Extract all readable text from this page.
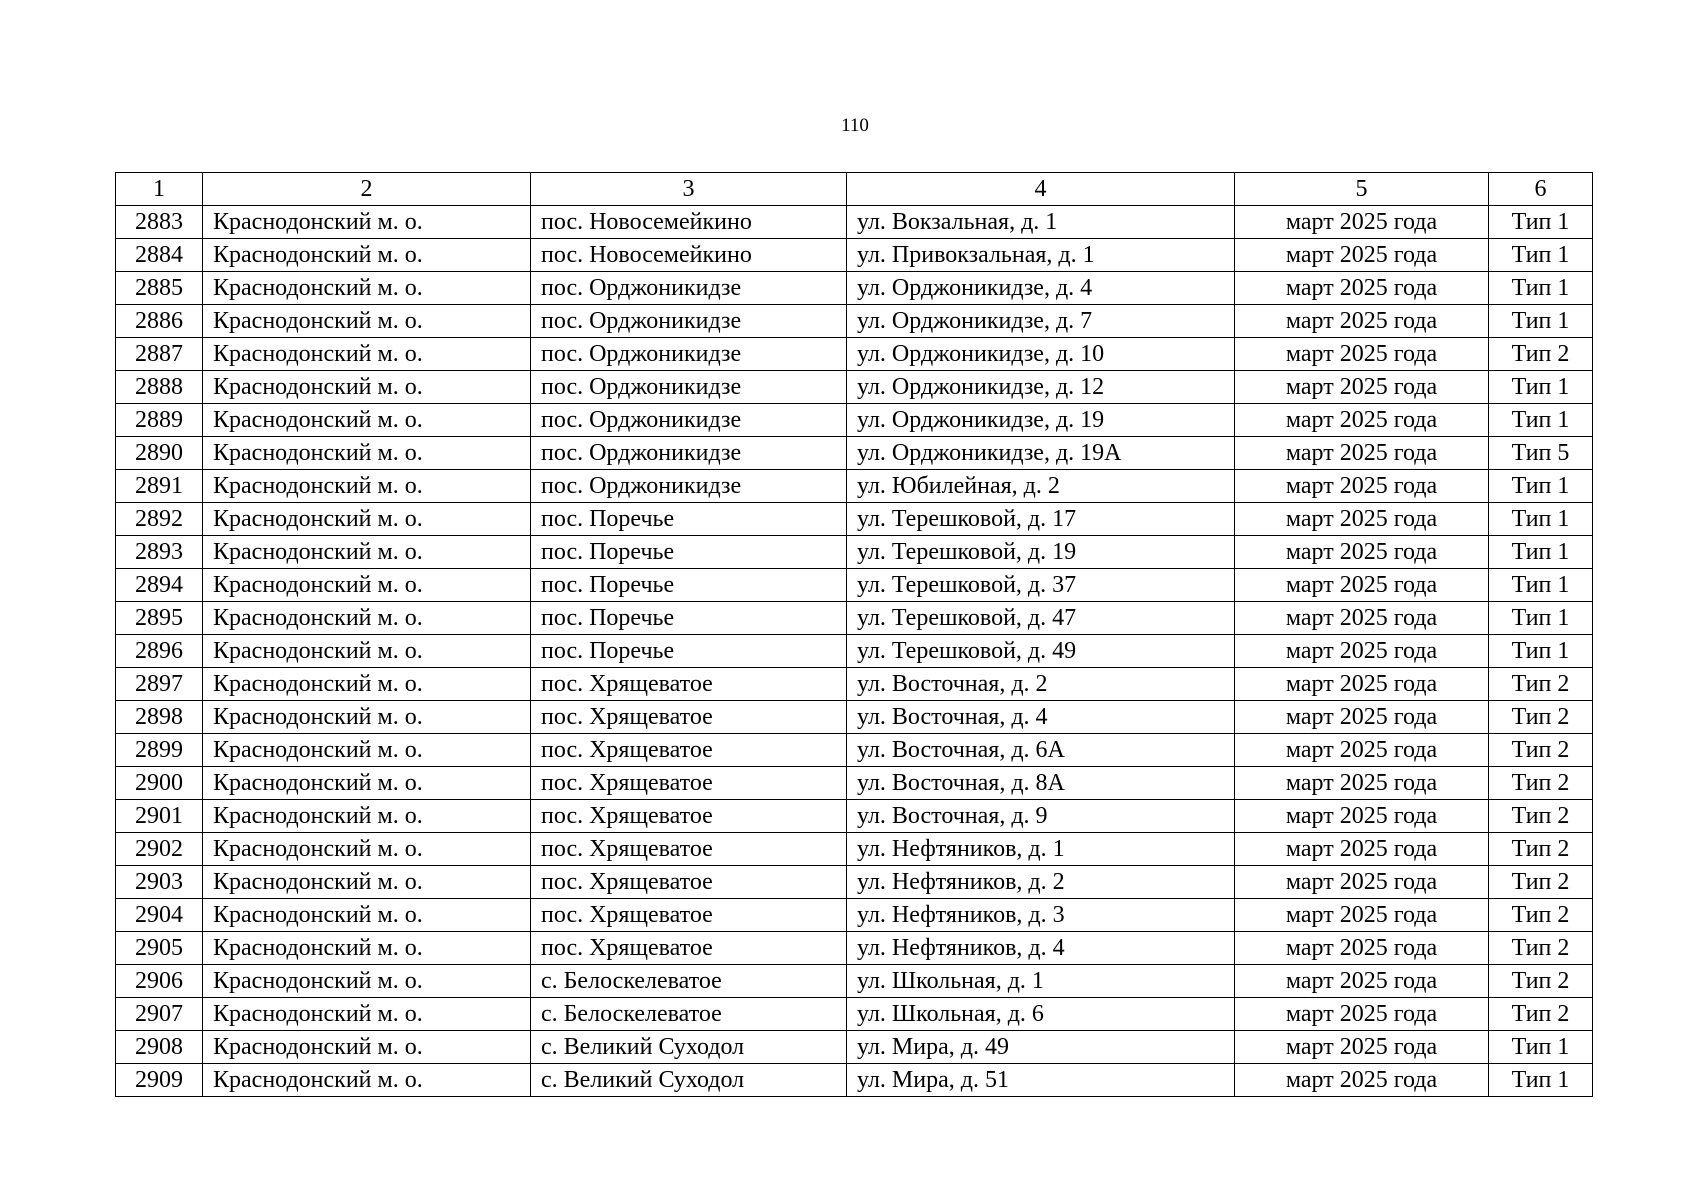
110
1	2	3	4	5	6
2883	Краснодонский м. о.	пос. Новосемейкино	ул. Вокзальная, д. 1	март 2025 года	Тип 1
2884	Краснодонский м. о.	пос. Новосемейкино	ул. Привокзальная, д. 1	март 2025 года	Тип 1
2885	Краснодонский м. о.	пос. Орджоникидзе	ул. Орджоникидзе, д. 4	март 2025 года	Тип 1
2886	Краснодонский м. о.	пос. Орджоникидзе	ул. Орджоникидзе, д. 7	март 2025 года	Тип 1
2887	Краснодонский м. о.	пос. Орджоникидзе	ул. Орджоникидзе, д. 10	март 2025 года	Тип 2
2888	Краснодонский м. о.	пос. Орджоникидзе	ул. Орджоникидзе, д. 12	март 2025 года	Тип 1
2889	Краснодонский м. о.	пос. Орджоникидзе	ул. Орджоникидзе, д. 19	март 2025 года	Тип 1
2890	Краснодонский м. о.	пос. Орджоникидзе	ул. Орджоникидзе, д. 19А	март 2025 года	Тип 5
2891	Краснодонский м. о.	пос. Орджоникидзе	ул. Юбилейная, д. 2	март 2025 года	Тип 1
2892	Краснодонский м. о.	пос. Поречье	ул. Терешковой, д. 17	март 2025 года	Тип 1
2893	Краснодонский м. о.	пос. Поречье	ул. Терешковой, д. 19	март 2025 года	Тип 1
2894	Краснодонский м. о.	пос. Поречье	ул. Терешковой, д. 37	март 2025 года	Тип 1
2895	Краснодонский м. о.	пос. Поречье	ул. Терешковой, д. 47	март 2025 года	Тип 1
2896	Краснодонский м. о.	пос. Поречье	ул. Терешковой, д. 49	март 2025 года	Тип 1
2897	Краснодонский м. о.	пос. Хрящеватое	ул. Восточная, д. 2	март 2025 года	Тип 2
2898	Краснодонский м. о.	пос. Хрящеватое	ул. Восточная, д. 4	март 2025 года	Тип 2
2899	Краснодонский м. о.	пос. Хрящеватое	ул. Восточная, д. 6А	март 2025 года	Тип 2
2900	Краснодонский м. о.	пос. Хрящеватое	ул. Восточная, д. 8А	март 2025 года	Тип 2
2901	Краснодонский м. о.	пос. Хрящеватое	ул. Восточная, д. 9	март 2025 года	Тип 2
2902	Краснодонский м. о.	пос. Хрящеватое	ул. Нефтяников, д. 1	март 2025 года	Тип 2
2903	Краснодонский м. о.	пос. Хрящеватое	ул. Нефтяников, д. 2	март 2025 года	Тип 2
2904	Краснодонский м. о.	пос. Хрящеватое	ул. Нефтяников, д. 3	март 2025 года	Тип 2
2905	Краснодонский м. о.	пос. Хрящеватое	ул. Нефтяников, д. 4	март 2025 года	Тип 2
2906	Краснодонский м. о.	с. Белоскелеватое	ул. Школьная, д. 1	март 2025 года	Тип 2
2907	Краснодонский м. о.	с. Белоскелеватое	ул. Школьная, д. 6	март 2025 года	Тип 2
2908	Краснодонский м. о.	с. Великий Суходол	ул. Мира, д. 49	март 2025 года	Тип 1
2909	Краснодонский м. о.	с. Великий Суходол	ул. Мира, д. 51	март 2025 года	Тип 1
